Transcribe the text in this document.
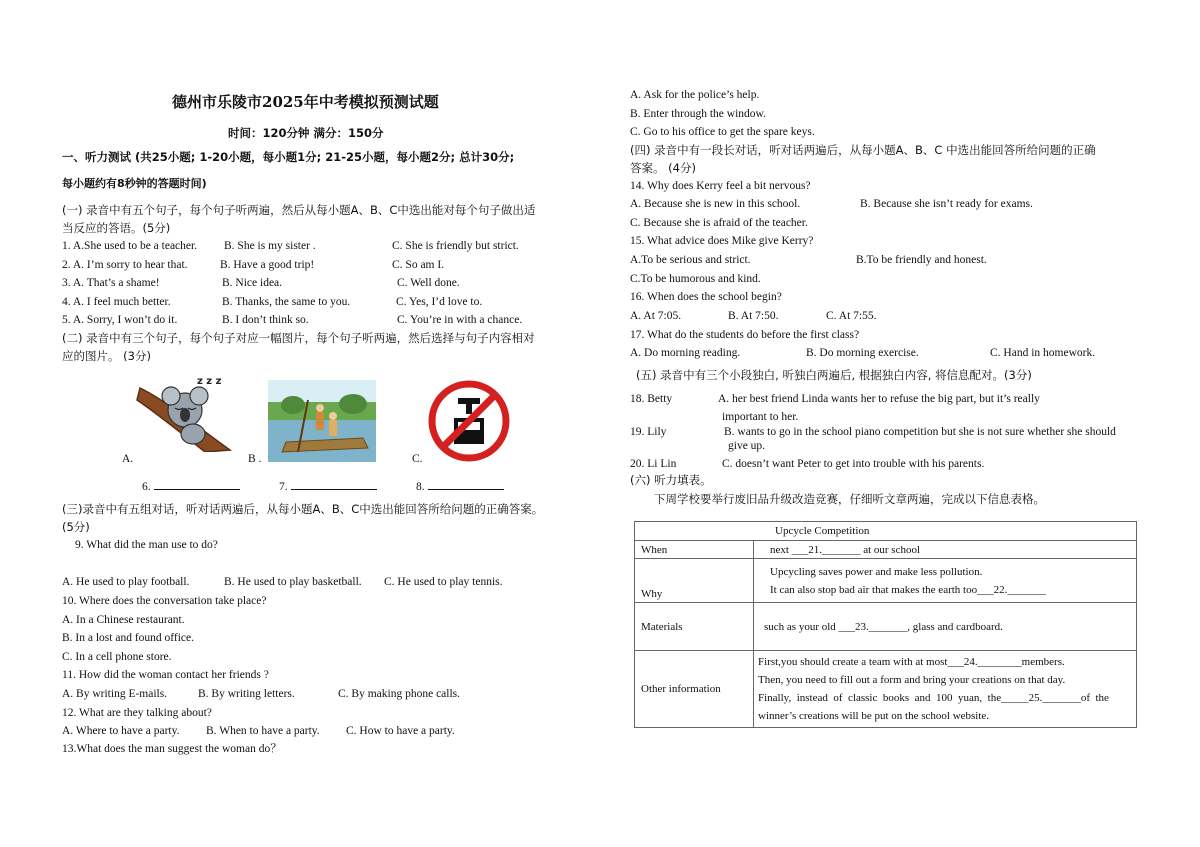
德州市乐陵市2025年中考模拟预测试题
时间：120分钟 满分：150分
一、听力测试 (共25小题; 1-20小题，每小题1分; 21-25小题，每小题2分; 总计30分;
每小题约有8秒钟的答题时间)
(一) 录音中有五个句子，每个句子听两遍，然后从每小题A、B、C中选出能对每个句子做出适
当反应的答语。(5分)
1. A.She used to be a teacher. B. She is my sister .	C. She is friendly but strict.
2. A. I’m sorry to hear that.	B. Have a good trip!	C. So am I.
3. A. That’s a shame!	B. Nice idea.	C. Well done.
4. A. I feel much better.	B. Thanks, the same to you.	C. Yes, I’d love to.
5. A. Sorry, I won’t do it.	B. I don’t think so.	C. You’re in with a chance.
(二) 录音中有三个句子，每个句子对应一幅图片，每个句子听两遍，然后选择与句子内容相对
应的图片。 (3分)
z z z
A.	B .	C.
6.	7.	8.
(三)录音中有五组对话，听对话两遍后，从每小题A、B、C中选出能回答所给问题的正确答案。
(5分)
9. What did the man use to do?
A. He used to play football.	B. He used to play basketball. C. He used to play tennis.
10. Where does the conversation take place?
A. In a Chinese restaurant.
B. In a lost and found office.
C. In a cell phone store.
11. How did the woman contact her friends ?
A. By writing E-mails.	B. By writing letters.	C. By making phone calls.
12. What are they talking about?
A. Where to have a party. B. When to have a party. C. How to have a party.
13.What does the man suggest the woman do？
A. Ask for the police’s help.
B. Enter through the window.
C. Go to his office to get the spare keys.
(四) 录音中有一段长对话，听对话两遍后，从每小题A、B、C 中选出能回答所给问题的正确
答案。 (4分)
14. Why does Kerry feel a bit nervous?
A. Because she is new in this school.	B. Because she isn’t ready for exams.
C. Because she is afraid of the teacher.
15. What advice does Mike give Kerry?
A.To be serious and strict.	B.To be friendly and honest.
C.To be humorous and kind.
16. When does the school begin?
A. At 7:05.	B. At 7:50.	C. At 7:55.
17. What do the students do before the first class?
A. Do morning reading.	B. Do morning exercise.	C. Hand in homework.
(五) 录音中有三个小段独白, 听独白两遍后, 根据独白内容, 将信息配对。(3分)
18. Betty	A. her best friend Linda wants her to refuse the big part, but it’s really
important to her.
19. Lily	B. wants to go in the school piano competition but she is not sure whether she should
give up.
20. Li Lin	C. doesn’t want Peter to get into trouble with his parents.
(六) 听力填表。
下周学校要举行废旧品升级改造竞赛，仔细听文章两遍，完成以下信息表格。
Upcycle Competition	
When	next ___21._______ at our school
Why	Upcycling saves power and make less pollution.
It can also stop bad air that makes the earth too___22._______

Materials	such as your old ___23._______, glass and cardboard.
Other information	First,you should create a team with at most___24.________members.
Then, you need to fill out a form and bring your creations on that day.
Finally,  instead  of  classic  books  and  100  yuan,  the_____25._______of  the
winner’s creations will be put on the school website.
